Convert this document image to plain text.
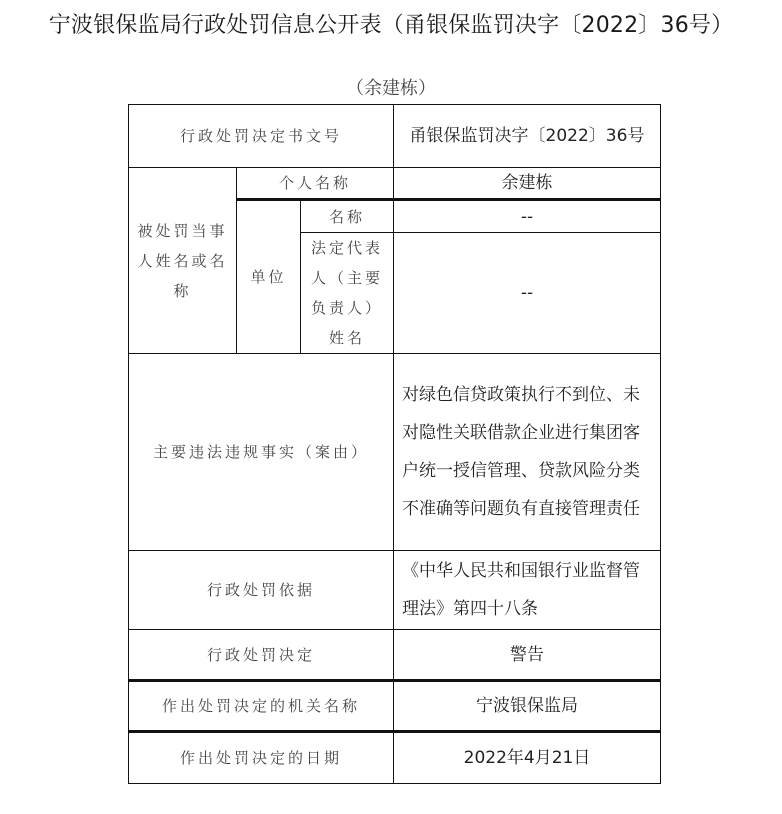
宁波银保监局行政处罚信息公开表（甬银保监罚决字〔2022〕36号）
（余建栋）
行政处罚决定书文号			甬银保监罚决字〔2022〕36号
被处罚当事人姓名或名称	个人名称		余建栋
	单位	名称	--
		法定代表人（主要负责人）姓名	--
主要违法违规事实（案由）			对绿色信贷政策执行不到位、未对隐性关联借款企业进行集团客户统一授信管理、贷款风险分类不准确等问题负有直接管理责任
行政处罚依据			《中华人民共和国银行业监督管理法》第四十八条
行政处罚决定			警告
作出处罚决定的机关名称			宁波银保监局
作出处罚决定的日期			2022年4月21日
